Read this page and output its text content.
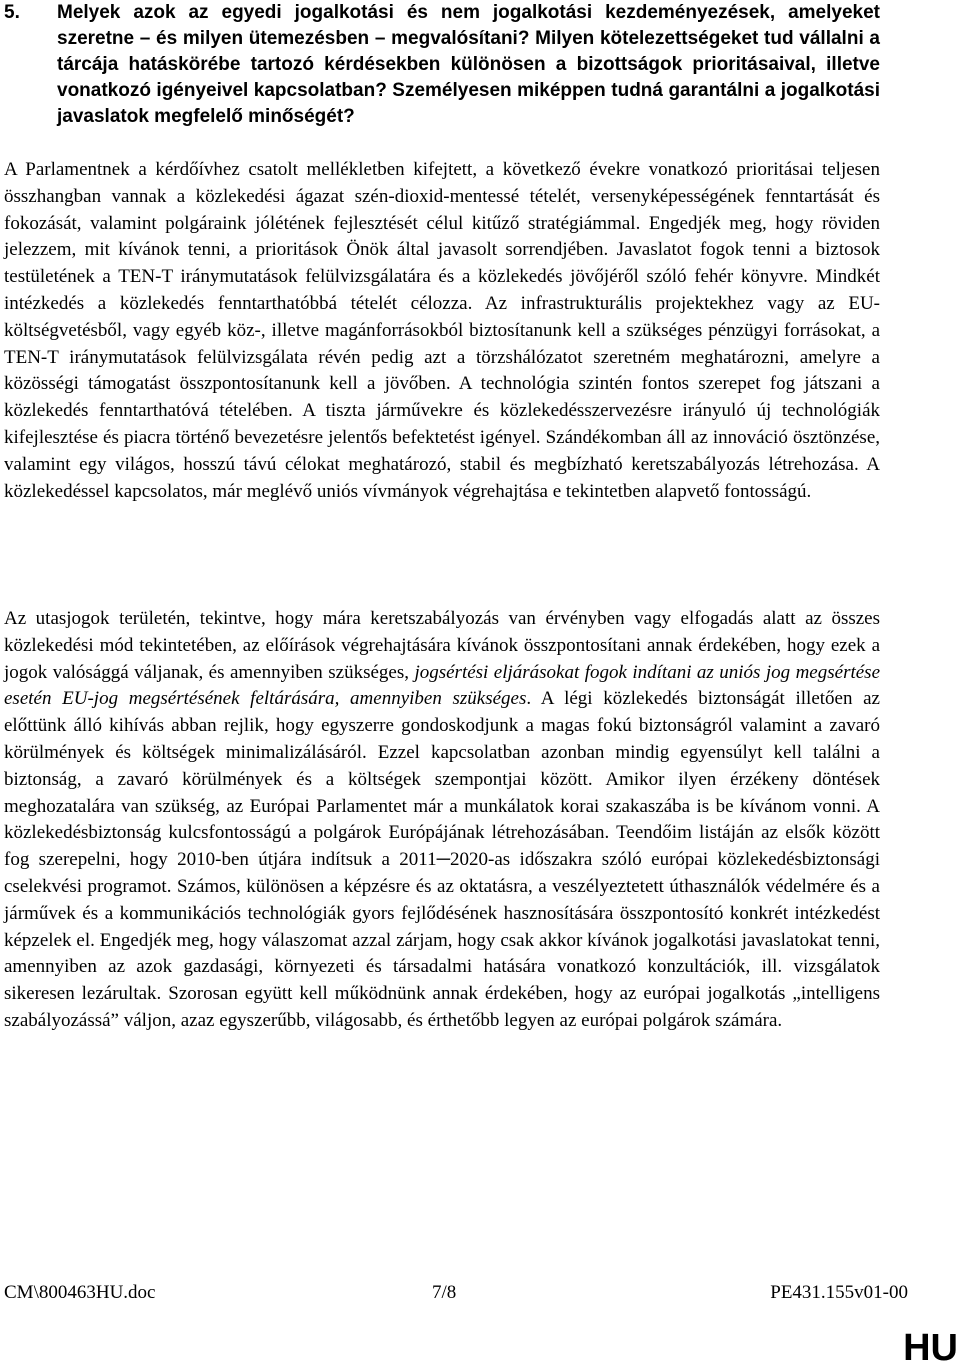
5.	Melyek azok az egyedi jogalkotási és nem jogalkotási kezdeményezések, amelyeket szeretne – és milyen ütemezésben – megvalósítani? Milyen kötelezettségeket tud vállalni a tárcája hatáskörébe tartozó kérdésekben különösen a bizottságok prioritásaival, illetve vonatkozó igényeivel kapcsolatban? Személyesen miképpen tudná garantálni a jogalkotási javaslatok megfelelő minőségét?
A Parlamentnek a kérdőívhez csatolt mellékletben kifejtett, a következő évekre vonatkozó prioritásai teljesen összhangban vannak a közlekedési ágazat szén-dioxid-mentessé tételét, versenyképességének fenntartását és fokozását, valamint polgáraink jólétének fejlesztését célul kitűző stratégiámmal. Engedjék meg, hogy röviden jelezzem, mit kívánok tenni, a prioritások Önök által javasolt sorrendjében. Javaslatot fogok tenni a biztosok testületének a TEN-T iránymutatások felülvizsgálatára és a közlekedés jövőjéről szóló fehér könyvre. Mindkét intézkedés a közlekedés fenntarthatóbbá tételét célozza. Az infrastrukturális projektekhez vagy az EU-költségvetésből, vagy egyéb köz-, illetve magánforrásokból biztosítanunk kell a szükséges pénzügyi forrásokat, a TEN-T iránymutatások felülvizsgálata révén pedig azt a törzshálózatot szeretném meghatározni, amelyre a közösségi támogatást összpontosítanunk kell a jövőben. A technológia szintén fontos szerepet fog játszani a közlekedés fenntarthatóvá tételében. A tiszta járművekre és közlekedésszervezésre irányuló új technológiák kifejlesztése és piacra történő bevezetésre jelentős befektetést igényel. Szándékomban áll az innováció ösztönzése, valamint egy világos, hosszú távú célokat meghatározó, stabil és megbízható keretszabályozás létrehozása. A közlekedéssel kapcsolatos, már meglévő uniós vívmányok végrehajtása e tekintetben alapvető fontosságú.
Az utasjogok területén, tekintve, hogy mára keretszabályozás van érvényben vagy elfogadás alatt az összes közlekedési mód tekintetében, az előírások végrehajtására kívánok összpontosítani annak érdekében, hogy ezek a jogok valósággá váljanak, és amennyiben szükséges, jogsértési eljárásokat fogok indítani az uniós jog megsértése esetén EU-jog megsértésének feltárására, amennyiben szükséges. A légi közlekedés biztonságát illetően az előttünk álló kihívás abban rejlik, hogy egyszerre gondoskodjunk a magas fokú biztonságról valamint a zavaró körülmények és költségek minimalizálásáról. Ezzel kapcsolatban azonban mindig egyensúlyt kell találni a biztonság, a zavaró körülmények és a költségek szempontjai között. Amikor ilyen érzékeny döntések meghozatalára van szükség, az Európai Parlamentet már a munkálatok korai szakaszába is be kívánom vonni. A közlekedésbiztonság kulcsfontosságú a polgárok Európájának létrehozásában. Teendőim listáján az elsők között fog szerepelni, hogy 2010-ben útjára indítsuk a 2011─2020-as időszakra szóló európai közlekedésbiztonsági cselekvési programot. Számos, különösen a képzésre és az oktatásra, a veszélyeztetett úthasználók védelmére és a járművek és a kommunikációs technológiák gyors fejlődésének hasznosítására összpontosító konkrét intézkedést képzelek el. Engedjék meg, hogy válaszomat azzal zárjam, hogy csak akkor kívánok jogalkotási javaslatokat tenni, amennyiben az azok gazdasági, környezeti és társadalmi hatására vonatkozó konzultációk, ill. vizsgálatok sikeresen lezárultak. Szorosan együtt kell működnünk annak érdekében, hogy az európai jogalkotás „intelligens szabályozássá” váljon, azaz egyszerűbb, világosabb, és érthetőbb legyen az európai polgárok számára.
CM\800463HU.doc	7/8	PE431.155v01-00
HU
